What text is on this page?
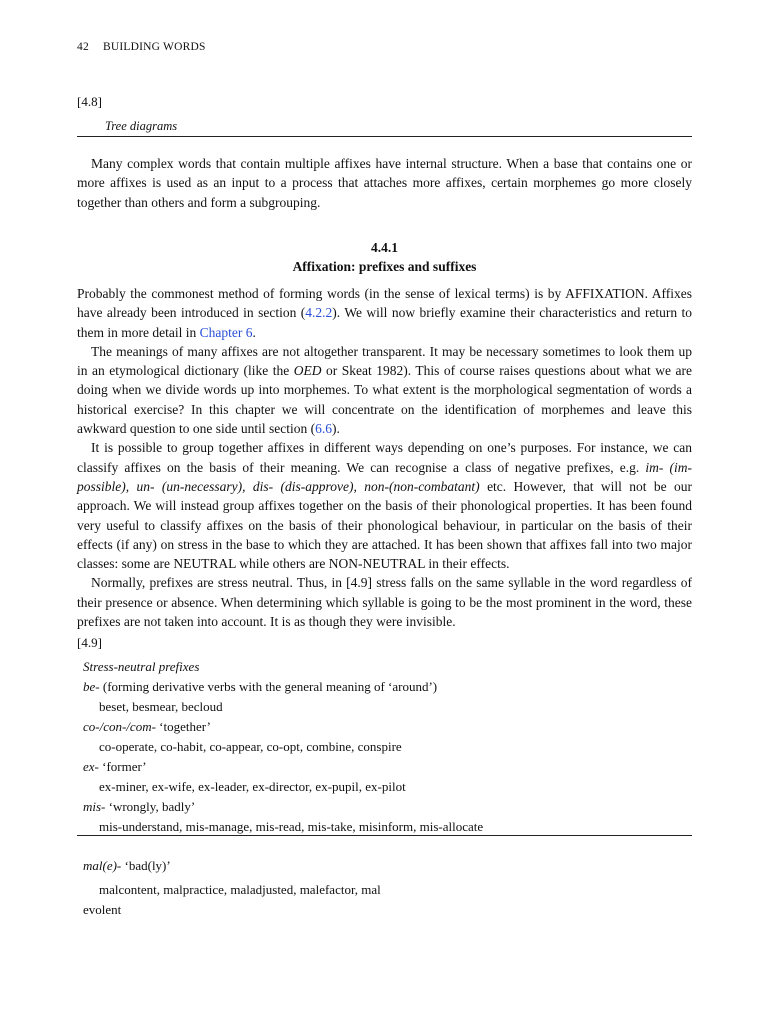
42 BUILDING WORDS
[4.8]
Tree diagrams

Many complex words that contain multiple affixes have internal structure. When a base that contains one or more affixes is used as an input to a process that attaches more affixes, certain morphemes go more closely together than others and form a subgrouping.

4.4.1
Affixation: prefixes and suffixes

Probably the commonest method of forming words (in the sense of lexical terms) is by AFFIXATION. Affixes have already been introduced in section (4.2.2). We will now briefly examine their characteristics and return to them in more detail in Chapter 6.

The meanings of many affixes are not altogether transparent. It may be necessary sometimes to look them up in an etymological dictionary (like the OED or Skeat 1982). This of course raises questions about what we are doing when we divide words up into morphemes. To what extent is the morphological segmentation of words a historical exercise? In this chapter we will concentrate on the identification of morphemes and leave this awkward question to one side until section (6.6).

It is possible to group together affixes in different ways depending on one’s purposes. For instance, we can classify affixes on the basis of their meaning. We can recognise a class of negative prefixes, e.g. im- (im-possible), un- (un-necessary), dis- (dis-approve), non-(non-combatant) etc. However, that will not be our approach. We will instead group affixes together on the basis of their phonological properties. It has been found very useful to classify affixes on the basis of their phonological behaviour, in particular on the basis of their effects (if any) on stress in the base to which they are attached. It has been shown that affixes fall into two major classes: some are NEUTRAL while others are NON-NEUTRAL in their effects.

Normally, prefixes are stress neutral. Thus, in [4.9] stress falls on the same syllable in the word regardless of their presence or absence. When determining which syllable is going to be the most prominent in the word, these prefixes are not taken into account. It is as though they were invisible.

[4.9]
Stress-neutral prefixes
be- (forming derivative verbs with the general meaning of ‘around’)
beset, besmear, becloud
co-/con-/com- ‘together’
co-operate, co-habit, co-appear, co-opt, combine, conspire
ex- ‘former’
ex-miner, ex-wife, ex-leader, ex-director, ex-pupil, ex-pilot
mis- ‘wrongly, badly’
mis-understand, mis-manage, mis-read, mis-take, misinform, mis-allocate
mal(e)- ‘bad(ly)’
malcontent, malpractice, maladjusted, malefactor, mal
evolent
